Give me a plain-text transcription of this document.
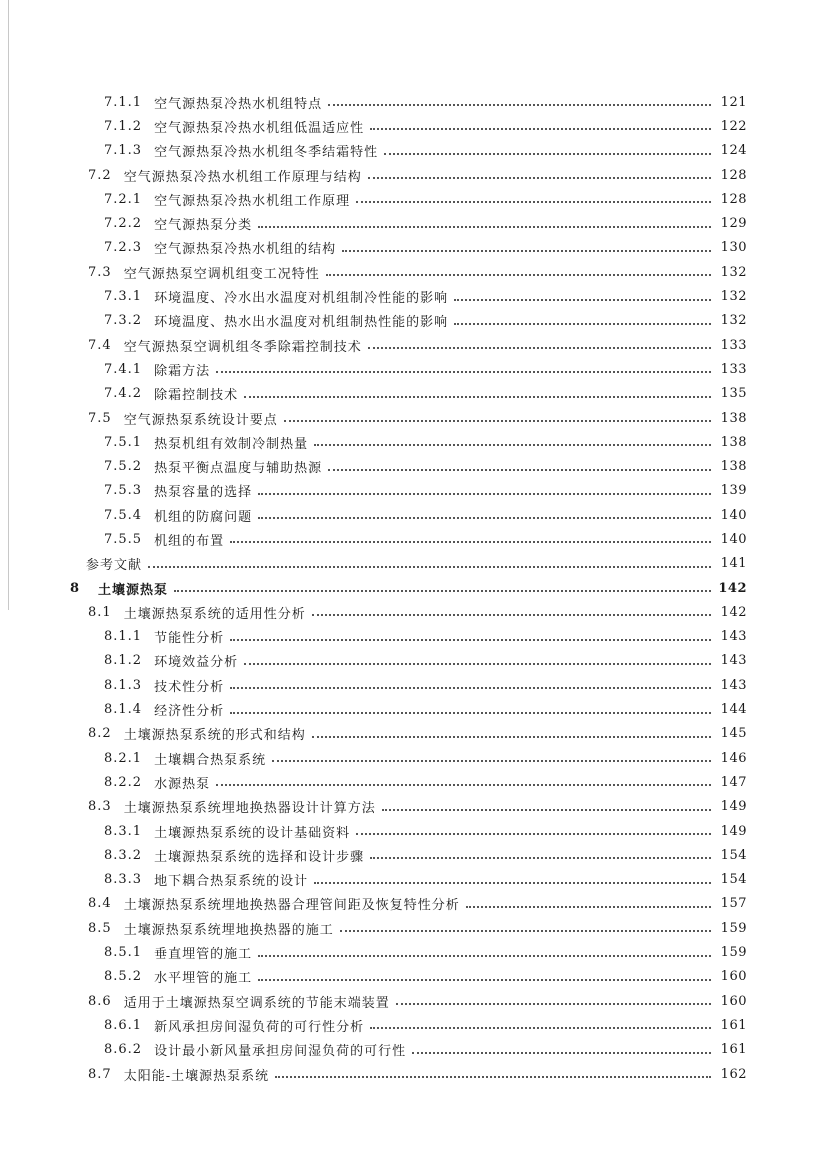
7.1.1 空气源热泵冷热水机组特点	121
7.1.2 空气源热泵冷热水机组低温适应性	122
7.1.3 空气源热泵冷热水机组冬季结霜特性	124
7.2 空气源热泵冷热水机组工作原理与结构	128
7.2.1 空气源热泵冷热水机组工作原理	128
7.2.2 空气源热泵分类	129
7.2.3 空气源热泵冷热水机组的结构	130
7.3 空气源热泵空调机组变工况特性	132
7.3.1 环境温度、冷水出水温度对机组制冷性能的影响	132
7.3.2 环境温度、热水出水温度对机组制热性能的影响	132
7.4 空气源热泵空调机组冬季除霜控制技术	133
7.4.1 除霜方法	133
7.4.2 除霜控制技术	135
7.5 空气源热泵系统设计要点	138
7.5.1 热泵机组有效制冷制热量	138
7.5.2 热泵平衡点温度与辅助热源	138
7.5.3 热泵容量的选择	139
7.5.4 机组的防腐问题	140
7.5.5 机组的布置	140
参考文献	141
8 土壤源热泵	142
8.1 土壤源热泵系统的适用性分析	142
8.1.1 节能性分析	143
8.1.2 环境效益分析	143
8.1.3 技术性分析	143
8.1.4 经济性分析	144
8.2 土壤源热泵系统的形式和结构	145
8.2.1 土壤耦合热泵系统	146
8.2.2 水源热泵	147
8.3 土壤源热泵系统埋地换热器设计计算方法	149
8.3.1 土壤源热泵系统的设计基础资料	149
8.3.2 土壤源热泵系统的选择和设计步骤	154
8.3.3 地下耦合热泵系统的设计	154
8.4 土壤源热泵系统埋地换热器合理管间距及恢复特性分析	157
8.5 土壤源热泵系统埋地换热器的施工	159
8.5.1 垂直埋管的施工	159
8.5.2 水平埋管的施工	160
8.6 适用于土壤源热泵空调系统的节能末端装置	160
8.6.1 新风承担房间湿负荷的可行性分析	161
8.6.2 设计最小新风量承担房间湿负荷的可行性	161
8.7 太阳能-土壤源热泵系统	162
